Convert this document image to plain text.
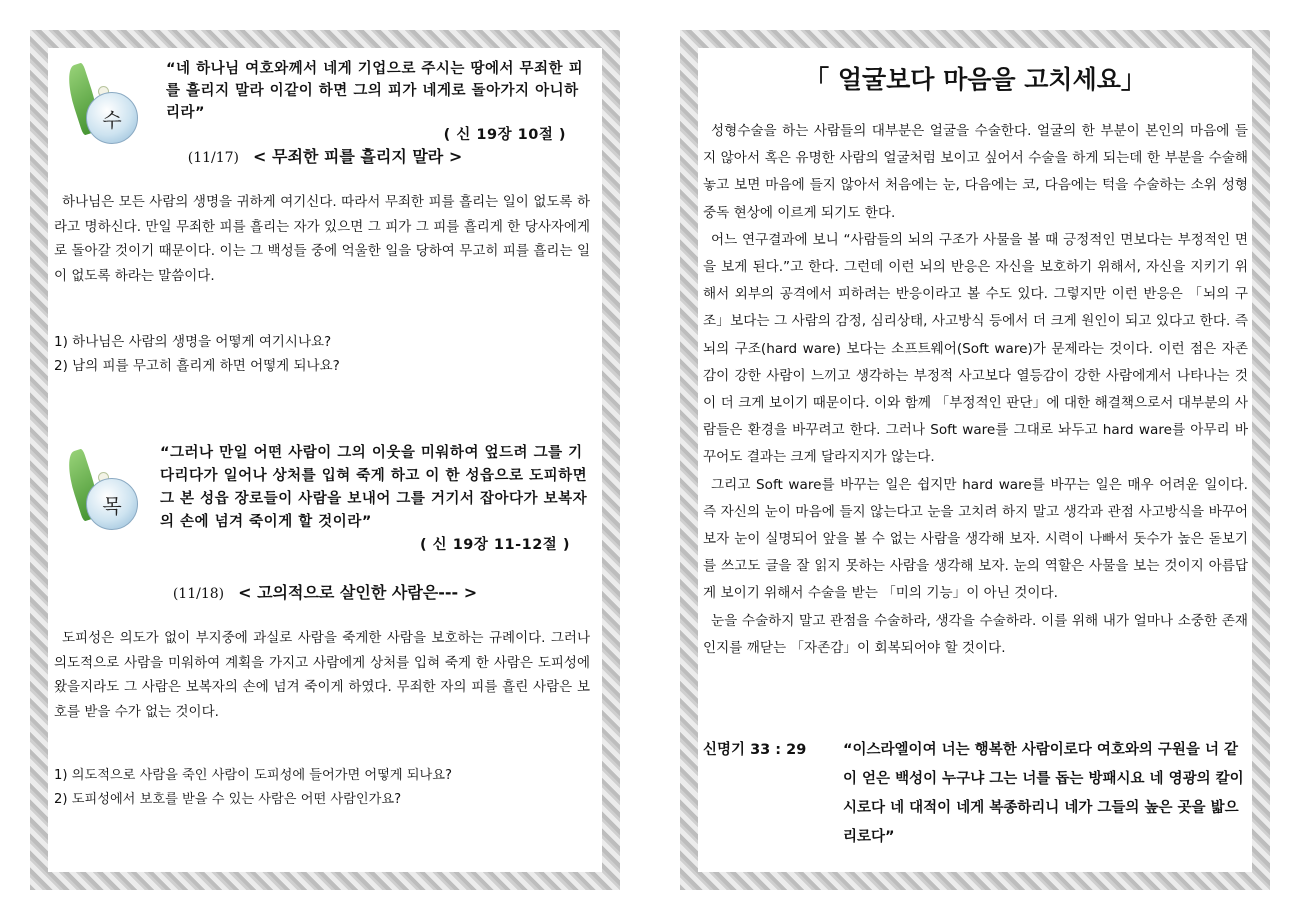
수
“네 하나님 여호와께서 네게 기업으로 주시는 땅에서 무죄한 피를 흘리지 말라 이같이 하면 그의 피가 네게로 돌아가지 아니하리라”
( 신 19장 10절 )
(11/17) < 무죄한 피를 흘리지 말라 >
하나님은 모든 사람의 생명을 귀하게 여기신다. 따라서 무죄한 피를 흘리는 일이 없도록 하라고 명하신다. 만일 무죄한 피를 흘리는 자가 있으면 그 피가 그 피를 흘리게 한 당사자에게로 돌아갈 것이기 때문이다. 이는 그 백성들 중에 억울한 일을 당하여 무고히 피를 흘리는 일이 없도록 하라는 말씀이다.
1) 하나님은 사람의 생명을 어떻게 여기시나요?
2) 남의 피를 무고히 흘리게 하면 어떻게 되나요?
목
“그러나 만일 어떤 사람이 그의 이웃을 미워하여 엎드려 그를 기다리다가 일어나 상처를 입혀 죽게 하고 이 한 성읍으로 도피하면 그 본 성읍 장로들이 사람을 보내어 그를 거기서 잡아다가 보복자의 손에 넘겨 죽이게 할 것이라”
( 신 19장 11-12절 )
(11/18) < 고의적으로 살인한 사람은--- >
도피성은 의도가 없이 부지중에 과실로 사람을 죽게한 사람을 보호하는 규례이다. 그러나 의도적으로 사람을 미워하여 계획을 가지고 사람에게 상처를 입혀 죽게 한 사람은 도피성에 왔을지라도 그 사람은 보복자의 손에 넘겨 죽이게 하였다. 무죄한 자의 피를 흘린 사람은 보호를 받을 수가 없는 것이다.
1) 의도적으로 사람을 죽인 사람이 도피성에 들어가면 어떻게 되나요?
2) 도피성에서 보호를 받을 수 있는 사람은 어떤 사람인가요?
「 얼굴보다 마음을 고치세요」

성형수술을 하는 사람들의 대부분은 얼굴을 수술한다. 얼굴의 한 부분이 본인의 마음에 들지 않아서 혹은 유명한 사람의 얼굴처럼 보이고 싶어서 수술을 하게 되는데 한 부분을 수술해 놓고 보면 마음에 들지 않아서 처음에는 눈, 다음에는 코, 다음에는 턱을 수술하는 소위 성형중독 현상에 이르게 되기도 한다.

어느 연구결과에 보니 “사람들의 뇌의 구조가 사물을 볼 때 긍정적인 면보다는 부정적인 면을 보게 된다.”고 한다. 그런데 이런 뇌의 반응은 자신을 보호하기 위해서, 자신을 지키기 위해서 외부의 공격에서 피하려는 반응이라고 볼 수도 있다. 그렇지만 이런 반응은 「뇌의 구조」보다는 그 사람의 감정, 심리상태, 사고방식 등에서 더 크게 원인이 되고 있다고 한다. 즉 뇌의 구조(hard ware) 보다는 소프트웨어(Soft ware)가 문제라는 것이다. 이런 점은 자존감이 강한 사람이 느끼고 생각하는 부정적 사고보다 열등감이 강한 사람에게서 나타나는 것이 더 크게 보이기 때문이다. 이와 함께 「부정적인 판단」에 대한 해결책으로서 대부분의 사람들은 환경을 바꾸려고 한다. 그러나 Soft ware를 그대로 놔두고 hard ware를 아무리 바꾸어도 결과는 크게 달라지지가 않는다.

그리고 Soft ware를 바꾸는 일은 쉽지만 hard ware를 바꾸는 일은 매우 어려운 일이다. 즉 자신의 눈이 마음에 들지 않는다고 눈을 고치려 하지 말고 생각과 관점 사고방식을 바꾸어 보자 눈이 실명되어 앞을 볼 수 없는 사람을 생각해 보자. 시력이 나빠서 돗수가 높은 돋보기를 쓰고도 글을 잘 읽지 못하는 사람을 생각해 보자. 눈의 역할은 사물을 보는 것이지 아름답게 보이기 위해서 수술을 받는 「미의 기능」이 아닌 것이다.

눈을 수술하지 말고 관점을 수술하라, 생각을 수술하라. 이를 위해 내가 얼마나 소중한 존재인지를 깨닫는 「자존감」이 회복되어야 할 것이다.

신명기 33 : 29	“이스라엘이여 너는 행복한 사람이로다 여호와의 구원을 너 같이 얻은 백성이 누구냐 그는 너를 돕는 방패시요 네 영광의 칼이시로다 네 대적이 네게 복종하리니 네가 그들의 높은 곳을 밟으리로다”
